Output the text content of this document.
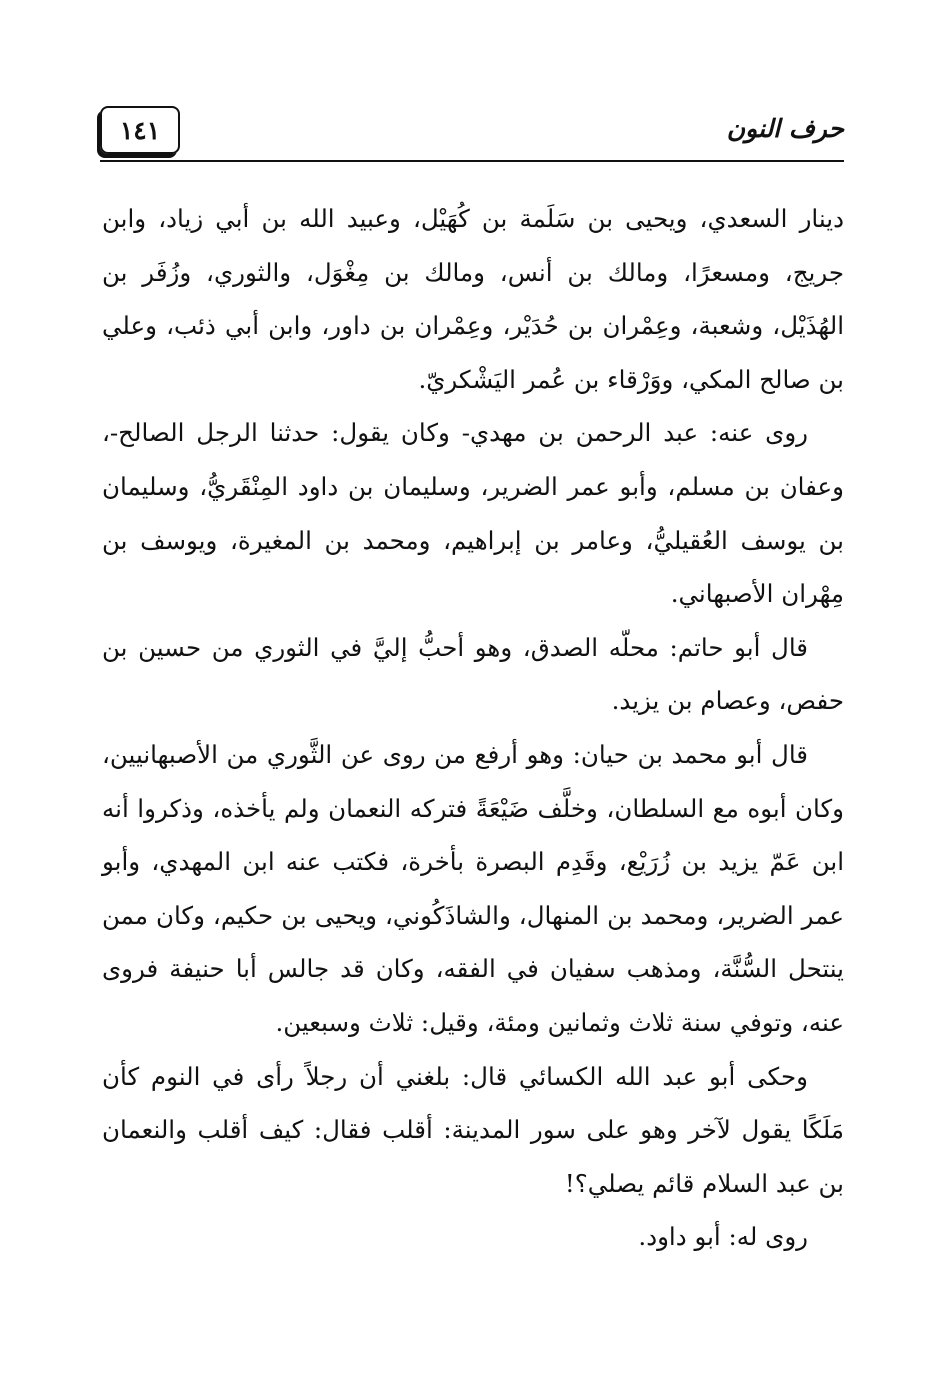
١٤١	حرف النون

دينار السعدي، ويحيى بن سَلَمة بن كُهَيْل، وعبيد الله بن أبي زياد، وابن جريج، ومسعرًا، ومالك بن أنس، ومالك بن مِغْوَل، والثوري، وزُفَر بن الهُذَيْل، وشعبة، وعِمْران بن حُدَيْر، وعِمْران بن داور، وابن أبي ذئب، وعلي بن صالح المكي، ووَرْقاء بن عُمر اليَشْكريّ.

روى عنه: عبد الرحمن بن مهدي- وكان يقول: حدثنا الرجل الصالح-، وعفان بن مسلم، وأبو عمر الضرير، وسليمان بن داود المِنْقَريُّ، وسليمان بن يوسف العُقيليُّ، وعامر بن إبراهيم، ومحمد بن المغيرة، ويوسف بن مِهْران الأصبهاني.

قال أبو حاتم: محلّه الصدق، وهو أحبُّ إليَّ في الثوري من حسين بن حفص، وعصام بن يزيد.

قال أبو محمد بن حيان: وهو أرفع من روى عن الثَّوري من الأصبهانيين، وكان أبوه مع السلطان، وخلَّف ضَيْعَةً فتركه النعمان ولم يأخذه، وذكروا أنه ابن عَمّ يزيد بن زُرَيْع، وقَدِم البصرة بأخرة، فكتب عنه ابن المهدي، وأبو عمر الضرير، ومحمد بن المنهال، والشاذَكُوني، ويحيى بن حكيم، وكان ممن ينتحل السُّنَّة، ومذهب سفيان في الفقه، وكان قد جالس أبا حنيفة فروى عنه، وتوفي سنة ثلاث وثمانين ومئة، وقيل: ثلاث وسبعين.

وحكى أبو عبد الله الكسائي قال: بلغني أن رجلاً رأى في النوم كأن مَلَكًا يقول لآخر وهو على سور المدينة: أقلب فقال: كيف أقلب والنعمان بن عبد السلام قائم يصلي؟!

روى له: أبو داود.
